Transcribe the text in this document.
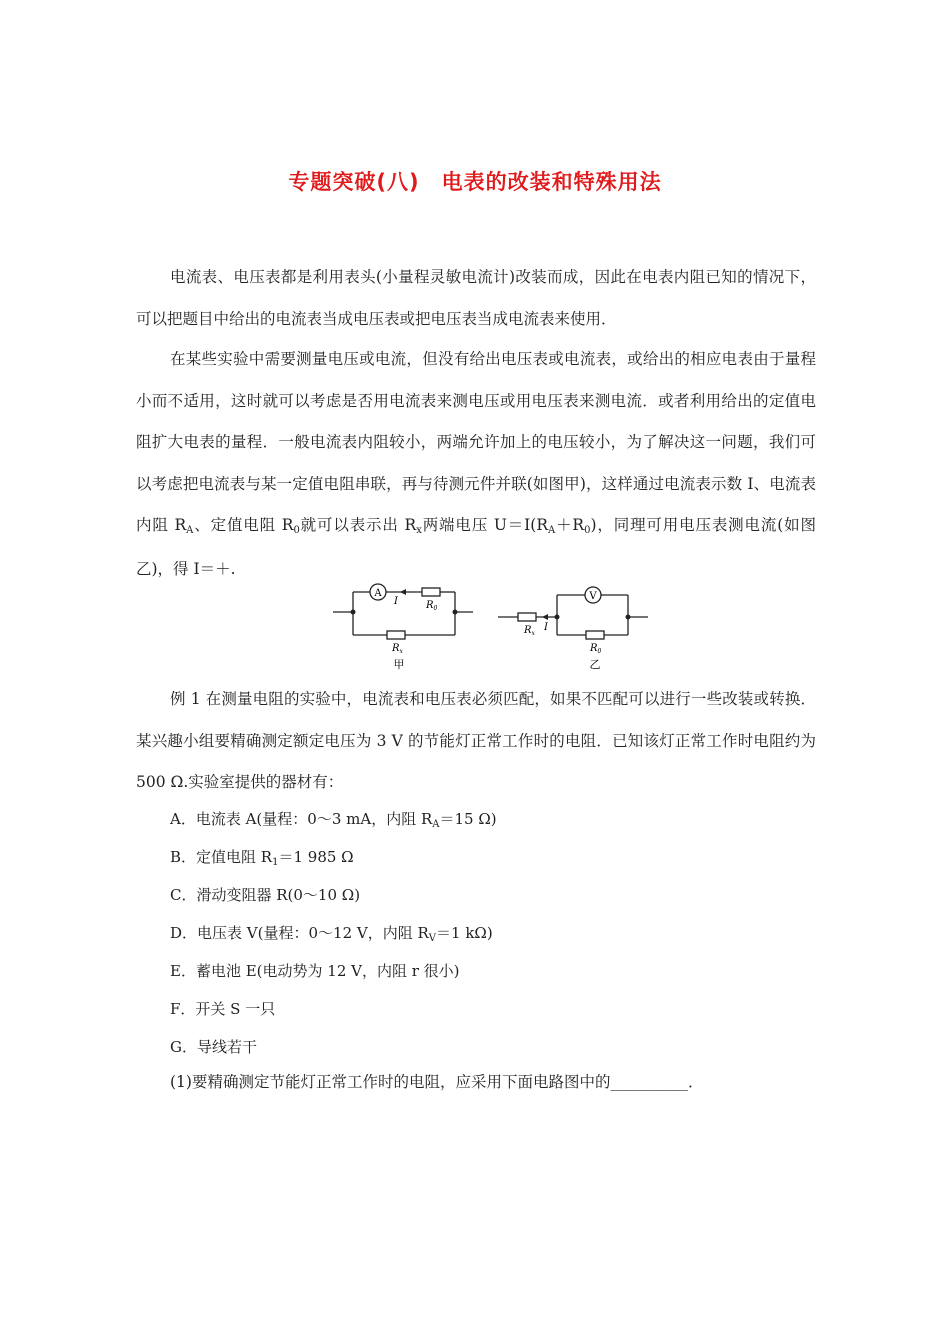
专题突破(八)　电表的改装和特殊用法
电流表、电压表都是利用表头(小量程灵敏电流计)改装而成，因此在电表内阻已知的情况下，可以把题目中给出的电流表当成电压表或把电压表当成电流表来使用．
在某些实验中需要测量电压或电流，但没有给出电压表或电流表，或给出的相应电表由于量程小而不适用，这时就可以考虑是否用电流表来测电压或用电压表来测电流．或者利用给出的定值电阻扩大电表的量程．一般电流表内阻较小，两端允许加上的电压较小，为了解决这一问题，我们可以考虑把电流表与某一定值电阻串联，再与待测元件并联(如图甲)，这样通过电流表示数 I、电流表内阻 $R_A$、定值电阻 $R_0$就可以表示出 $R_x$两端电压 $U=I(R_A+R_0)$，同理可用电压表测电流(如图乙)，得 I＝＋.
A
I	$R_0$
$R_x$
甲
V
I
$R_x$
$R_0$
乙
例 1 在测量电阻的实验中，电流表和电压表必须匹配，如果不匹配可以进行一些改装或转换．某兴趣小组要精确测定额定电压为 3 V 的节能灯正常工作时的电阻．已知该灯正常工作时电阻约为 500 Ω.实验室提供的器材有：
A．电流表 A(量程：0～3 mA，内阻 $R_A=15$ Ω)
B．定值电阻 $R_1=1$ 985 Ω
C．滑动变阻器 R(0～10 Ω)
D．电压表 V(量程：0～12 V，内阻 $R_V=1$ kΩ)
E．蓄电池 E(电动势为 12 V，内阻 r 很小)
F．开关 S 一只
G．导线若干
(1)要精确测定节能灯正常工作时的电阻，应采用下面电路图中的__________．
